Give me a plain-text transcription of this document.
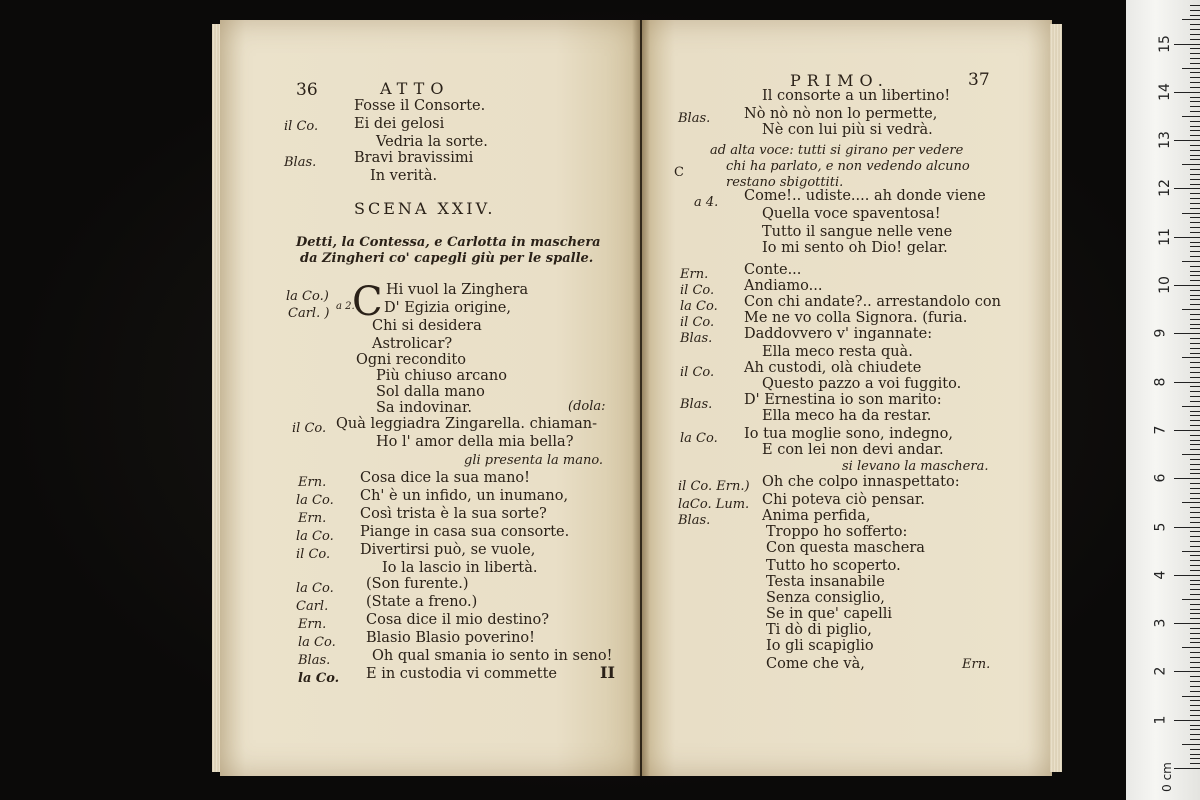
36	ATTO
Fosse il Consorte.
il Co. Ei dei gelosi
Vedria la sorte.
Blas.	Bravi bravissimi
In verità.
SCENA XXIV.
Detti, la Contessa, e Carlotta in maschera
da Zingheri co' capegli giù per le spalle.
la Co.)
Carl. ) a 2.
C Hi vuol la Zinghera
D' Egizia origine,
Chi si desidera
Astrolicar?
Ogni recondito
Più chiuso arcano
Sol dalla mano
Sa indovinar.	(dola:
il Co. Quà leggiadra Zingarella. chiaman-
Ho l' amor della mia bella?
gli presenta la mano.
Ern. Cosa dice la sua mano!
la Co. Ch' è un infido, un inumano,
Ern. Così trista è la sua sorte?
la Co. Piange in casa sua consorte.
il Co. Divertirsi può, se vuole,
Io la lascio in libertà.
la Co. (Son furente.)
Carl.	(State a freno.)
Ern.	Cosa dice il mio destino?
la Co. Blasio Blasio poverino!
Blas.	Oh qual smania io sento in seno!
la Co. E in custodia vi commette	II
PRIMO.	37
Il consorte a un libertino!
Blas. Nò nò nò non lo permette,
Nè con lui più si vedrà.
ad alta voce: tutti si girano per vedere
chi ha parlato, e non vedendo alcuno
restano sbigottiti.
C
a 4. Come!.. udiste.... ah donde viene
Quella voce spaventosa!
Tutto il sangue nelle vene
Io mi sento oh Dio! gelar.
Ern. Conte...
il Co. Andiamo...
la Co. Con chi andate?.. arrestandolo con
il Co. Me ne vo colla Signora. (furia.
Blas. Daddovvero v' ingannate:
Ella meco resta quà.
il Co. Ah custodi, olà chiudete
Questo pazzo a voi fuggito.
Blas. D' Ernestina io son marito:
Ella meco ha da restar.
la Co. Io tua moglie sono, indegno,
E con lei non devi andar.
si levano la maschera.
il Co. Ern.) Oh che colpo innaspettato:
laCo. Lum. Chi poteva ciò pensar.
Blas.	Anima perfida,
Troppo ho sofferto:
Con questa maschera
Tutto ho scoperto.
Testa insanabile
Senza consiglio,
Se in que' capelli
Ti dò di piglio,
Io gli scapiglio
Come che và,	Ern.
0 cm
1
2
3
4
5
6
7
8
9
10
11
12
13
14
15
